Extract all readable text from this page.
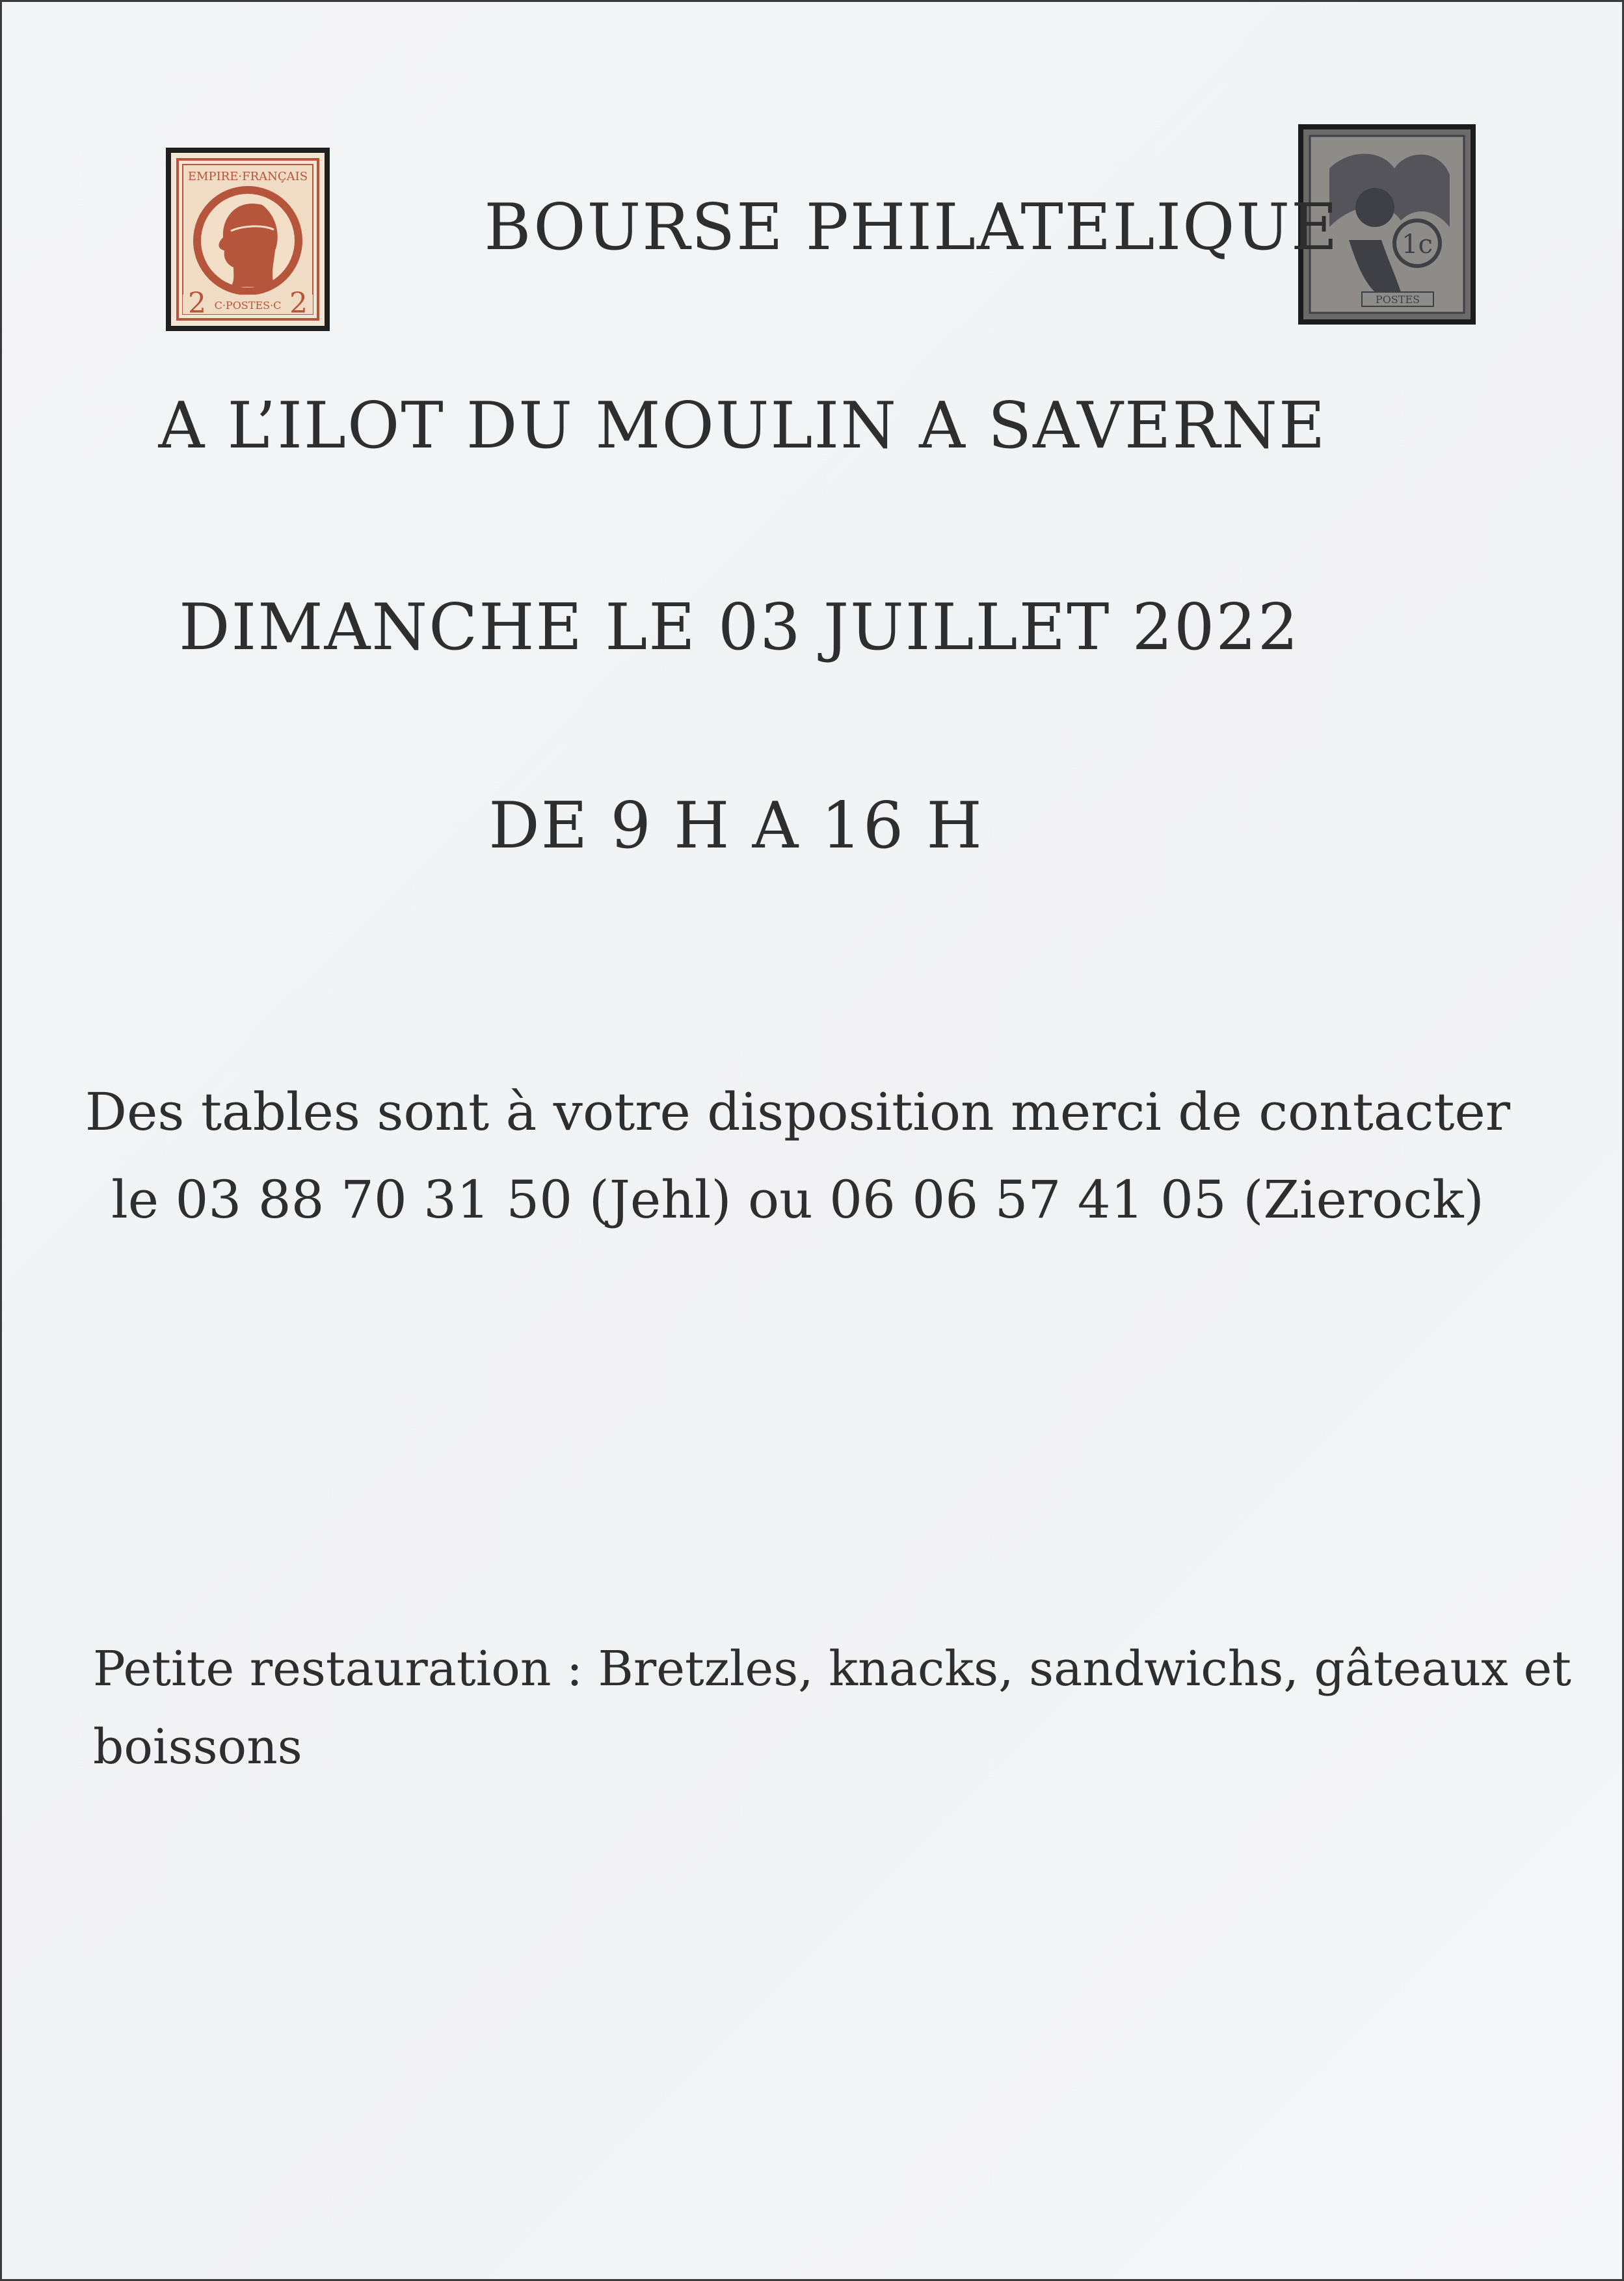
EMPIRE·FRANÇAIS
2	2
C·POSTES·C
1c
POSTES
BOURSE PHILATELIQUE
A L’ILOT DU MOULIN A SAVERNE
DIMANCHE LE 03 JUILLET 2022
DE 9 H A 16 H
Des tables sont à votre disposition merci de contacter
le 03 88 70 31 50 (Jehl) ou 06 06 57 41 05 (Zierock)
Petite restauration : Bretzles, knacks, sandwichs, gâteaux et
boissons
